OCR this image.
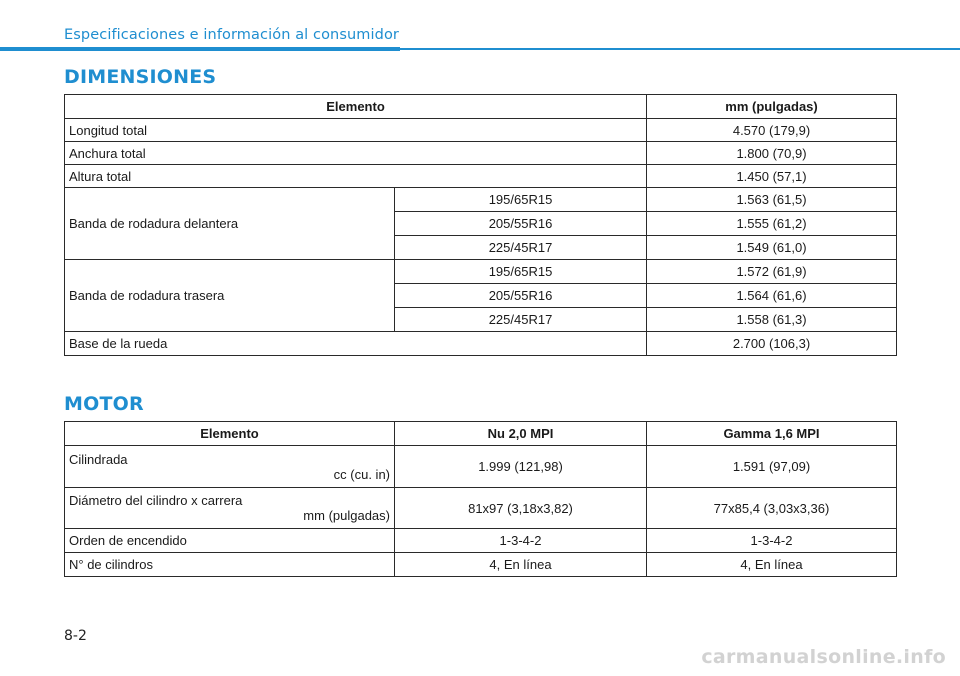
Especificaciones e información al consumidor
DIMENSIONES
Elemento		mm (pulgadas)
Longitud total		4.570 (179,9)
Anchura total		1.800 (70,9)
Altura total		1.450 (57,1)
Banda de rodadura delantera	195/65R15	1.563 (61,5)
	205/55R16	1.555 (61,2)
	225/45R17	1.549 (61,0)
Banda de rodadura trasera	195/65R15	1.572 (61,9)
	205/55R16	1.564 (61,6)
	225/45R17	1.558 (61,3)
Base de la rueda		2.700 (106,3)
MOTOR
Elemento	Nu 2,0 MPI	Gamma 1,6 MPI

Cilindrada
cc (cu. in)	1.999 (121,98)	1.591 (97,09)

Diámetro del cilindro x carrera
mm (pulgadas)	81x97 (3,18x3,82)	77x85,4 (3,03x3,36)
Orden de encendido	1-3-4-2	1-3-4-2
N° de cilindros	4, En línea	4, En línea
8-2
carmanualsonline.info
